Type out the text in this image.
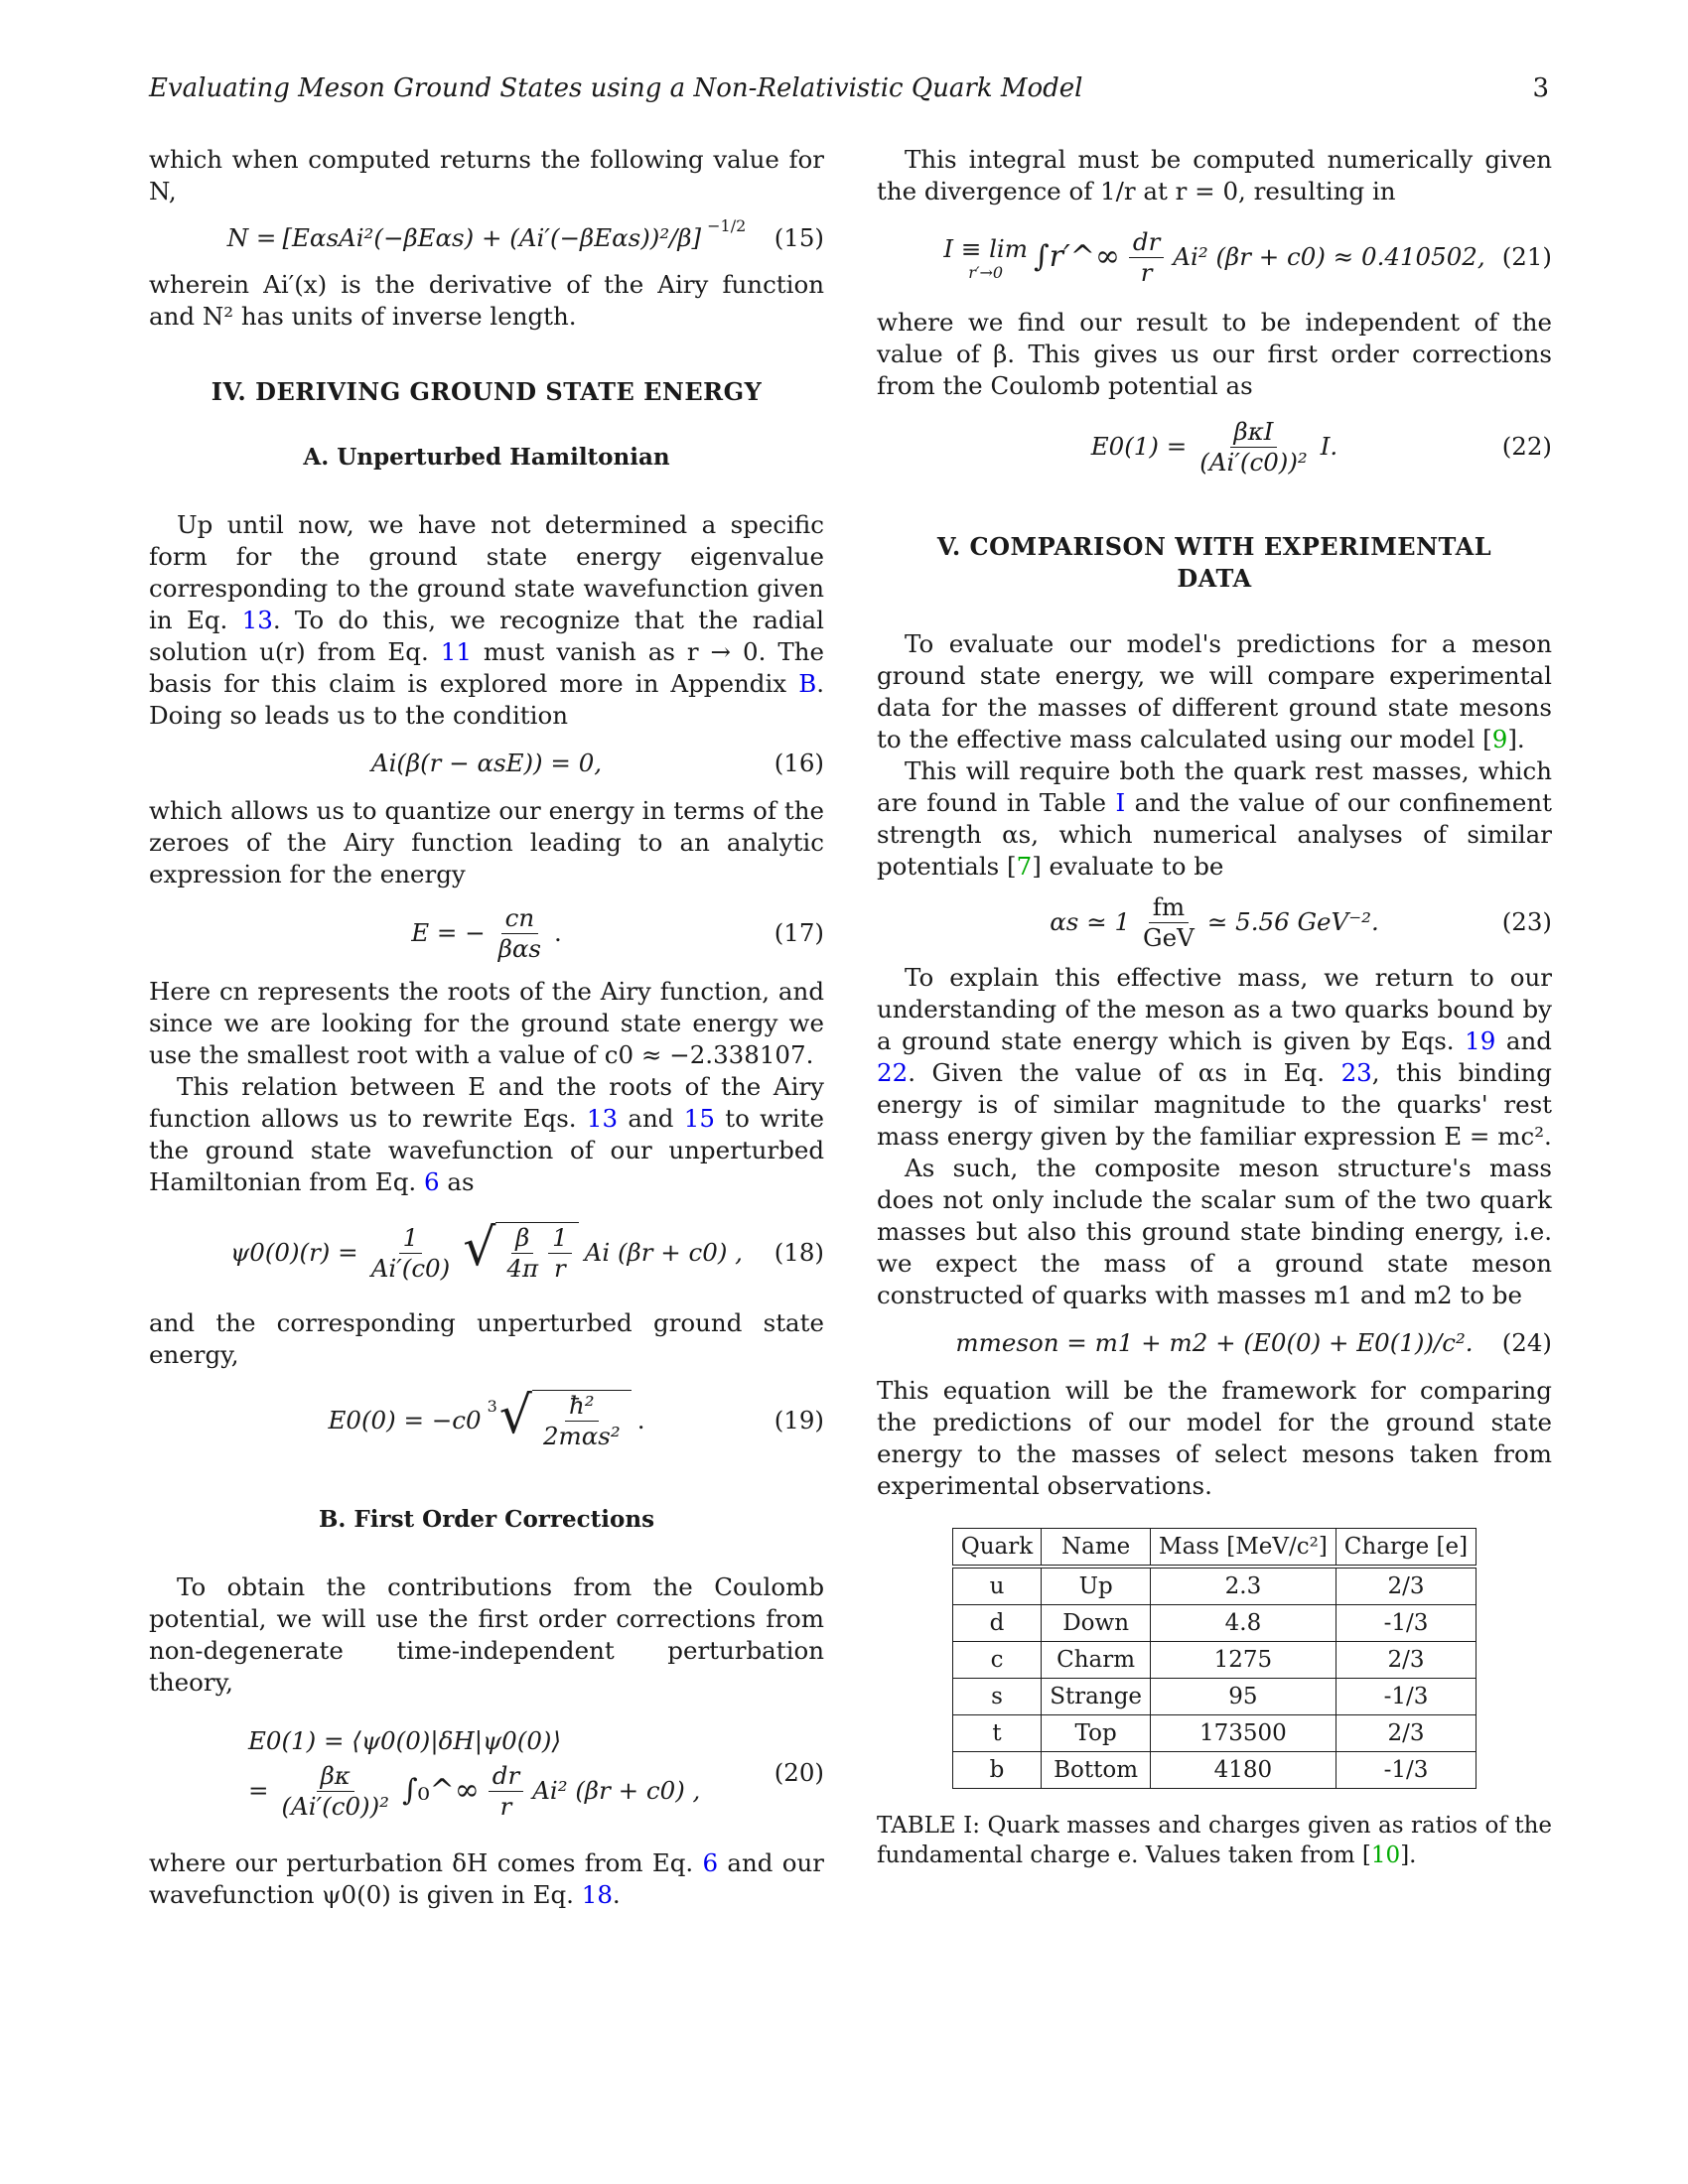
Evaluating Meson Ground States using a Non-Relativistic Quark Model	3

which when computed returns the following value for N,

N = [EαsAi²(−βEαs) + (Ai′(−βEαs))²/β] $^{-1/2}$ (15)

wherein Ai′(x) is the derivative of the Airy function and N² has units of inverse length.

IV. DERIVING GROUND STATE ENERGY

A. Unperturbed Hamiltonian

Up until now, we have not determined a specific form for the ground state energy eigenvalue corresponding to the ground state wavefunction given in Eq. 13. To do this, we recognize that the radial solution u(r) from Eq. 11 must vanish as r → 0. The basis for this claim is explored more in Appendix B. Doing so leads us to the condition

Ai(β(r − αsE)) = 0,	(16)

which allows us to quantize our energy in terms of the zeroes of the Airy function leading to an analytic expression for the energy

E = − $\frac{cn}{\text{βαs}}$ .	(17)

Here cn represents the roots of the Airy function, and since we are looking for the ground state energy we use the smallest root with a value of c0 ≈ −2.338107.

This relation between E and the roots of the Airy function allows us to rewrite Eqs. 13 and 15 to write the ground state wavefunction of our unperturbed Hamiltonian from Eq. 6 as

$\psi 0(0)(r) = \frac{1}{Ai'(c0)}$ √ $\frac{\beta}{4\pi} \frac{1}{r}$ Ai (βr + c0) , (18)

and the corresponding unperturbed ground state energy,

E0(0) = −c0 $^3$ √ $\frac{\text{ħ²}}{\text{2mαs²}}$ .	(19)

B. First Order Corrections

To obtain the contributions from the Coulomb potential, we will use the first order corrections from non-degenerate time-independent perturbation theory,

E0(1) = ⟨ψ0(0)|δH|ψ0(0)⟩
= $\frac{\beta\kappa}{\text{(Ai′(c0))²}}$ ∫₀^∞ $\frac{dr}{r} Ai^2$ (βr + c0) ,
(20)

where our perturbation δH comes from Eq. 6 and our wavefunction ψ0(0) is given in Eq. 18.

This integral must be computed numerically given the divergence of 1/r at r = 0, resulting in

I ≡ lim
r′→0 ∫r′^∞ $\frac{dr}{r} Ai^2$ (βr + c0) ≈ 0.410502, (21)

where we find our result to be independent of the value of β. This gives us our first order corrections from the Coulomb potential as

$E0(1) = \frac{\text{βκI}}{\text{(Ai′(c0))²}} I$.	(22)

V. COMPARISON WITH EXPERIMENTAL DATA

To evaluate our model's predictions for a meson ground state energy, we will compare experimental data for the masses of different ground state mesons to the effective mass calculated using our model [9].

This will require both the quark rest masses, which are found in Table I and the value of our confinement strength αs, which numerical analyses of similar potentials [7] evaluate to be

αs ≃ $1 \frac{fm}{\text{GeV}}$ ≃ 5.56 GeV⁻².	(23)

To explain this effective mass, we return to our understanding of the meson as a two quarks bound by a ground state energy which is given by Eqs. 19 and 22. Given the value of αs in Eq. 23, this binding energy is of similar magnitude to the quarks' rest mass energy given by the familiar expression E = mc².

As such, the composite meson structure's mass does not only include the scalar sum of the two quark masses but also this ground state binding energy, i.e. we expect the mass of a ground state meson constructed of quarks with masses m1 and m2 to be

mmeson = m1 + m2 + (E0(0) + E0(1))/c². (24)

This equation will be the framework for comparing the predictions of our model for the ground state energy to the masses of select mesons taken from experimental observations.

Quark	Name	Mass [MeV/c²]	Charge [e]
u	Up	2.3	2/3
d	Down	4.8	-1/3
c	Charm	1275	2/3
s	Strange	95	-1/3
t	Top	173500	2/3
b	Bottom	4180	-1/3

TABLE I: Quark masses and charges given as ratios of the fundamental charge e. Values taken from [10].
